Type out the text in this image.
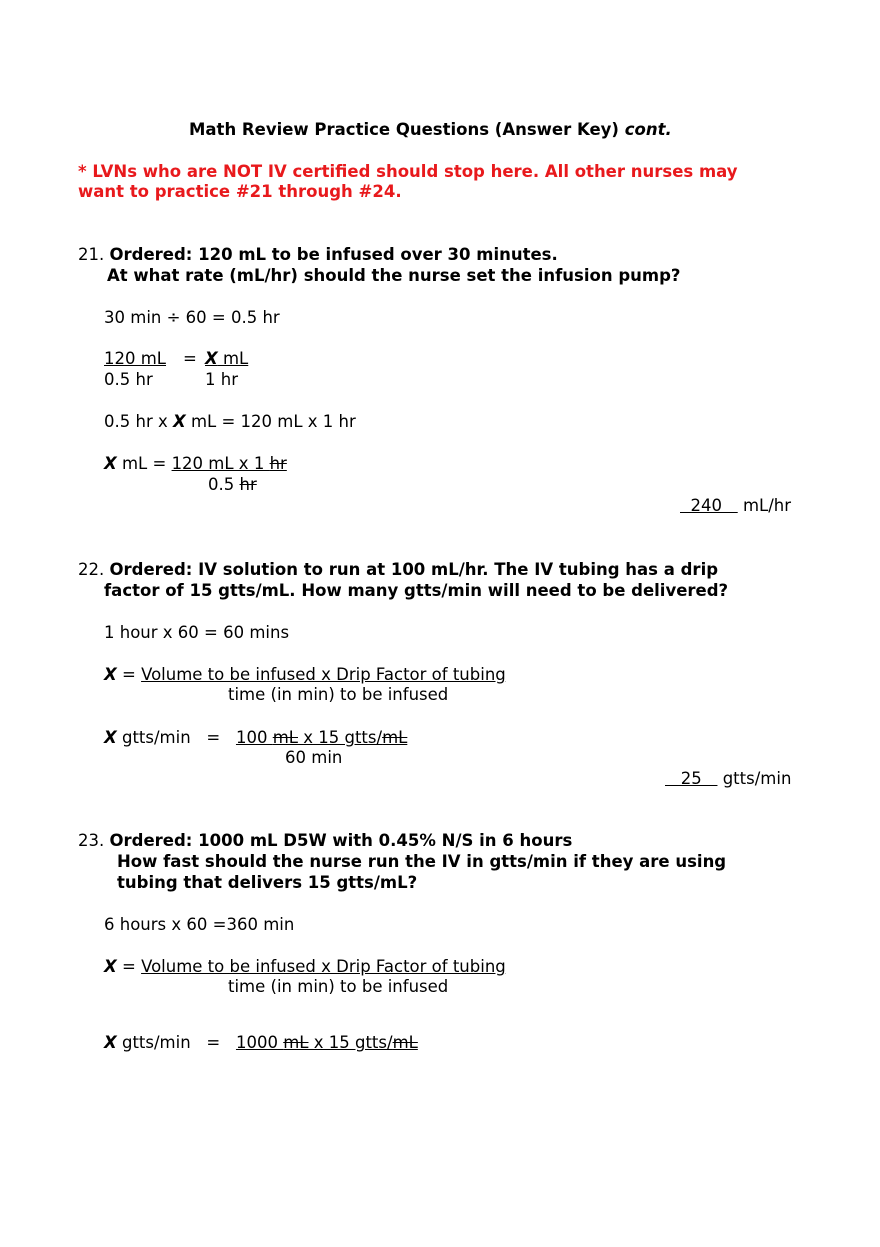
Math Review Practice Questions (Answer Key) cont.
* LVNs who are NOT IV certified should stop here. All other nurses may
want to practice #21 through #24.
21. Ordered: 120 mL to be infused over 30 minutes.
At what rate (mL/hr) should the nurse set the infusion pump?
30 min ÷ 60 = 0.5 hr
120 mL = X mL
0.5 hr	1 hr
0.5 hr x X mL = 120 mL x 1 hr
X mL = 120 mL x 1 hr
0.5 hr
240    mL/hr
22. Ordered: IV solution to run at 100 mL/hr. The IV tubing has a drip
factor of 15 gtts/mL. How many gtts/min will need to be delivered?
1 hour x 60 = 60 mins
X = Volume to be infused x Drip Factor of tubing
time (in min) to be infused
X gtts/min   =   100 mL x 15 gtts/mL
60 min
25    gtts/min
23. Ordered: 1000 mL D5W with 0.45% N/S in 6 hours
How fast should the nurse run the IV in gtts/min if they are using
tubing that delivers 15 gtts/mL?
6 hours x 60 =360 min
X = Volume to be infused x Drip Factor of tubing
time (in min) to be infused
X gtts/min   =   1000 mL x 15 gtts/mL
